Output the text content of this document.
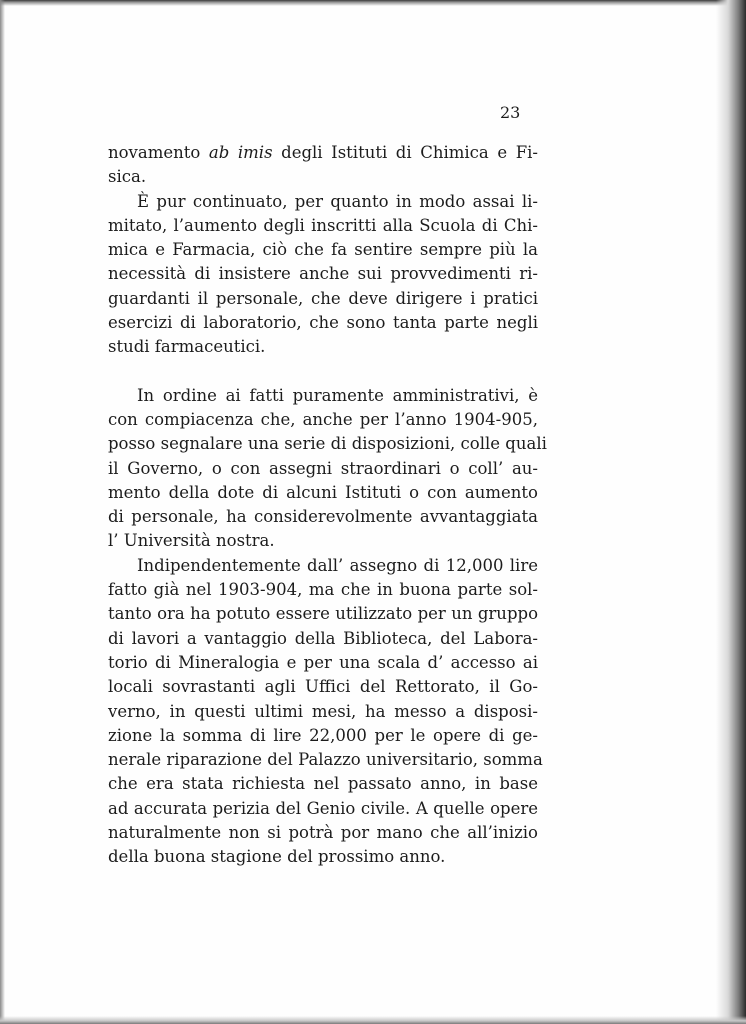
23

novamento ab imis degli Istituti di Chimica e Fi-
sica.

È pur continuato, per quanto in modo assai li-
mitato, l’aumento degli inscritti alla Scuola di Chi-
mica e Farmacia, ciò che fa sentire sempre più la
necessità di insistere anche sui provvedimenti ri-
guardanti il personale, che deve dirigere i pratici
esercizi di laboratorio, che sono tanta parte negli
studi farmaceutici.

In ordine ai fatti puramente amministrativi, è
con compiacenza che, anche per l’anno 1904-905,
posso segnalare una serie di disposizioni, colle quali
il Governo, o con assegni straordinari o coll’ au-
mento della dote di alcuni Istituti o con aumento
di personale, ha considerevolmente avvantaggiata
l’ Università nostra.

Indipendentemente dall’ assegno di 12,000 lire
fatto già nel 1903-904, ma che in buona parte sol-
tanto ora ha potuto essere utilizzato per un gruppo
di lavori a vantaggio della Biblioteca, del Labora-
torio di Mineralogia e per una scala d’ accesso ai
locali sovrastanti agli Uffici del Rettorato, il Go-
verno, in questi ultimi mesi, ha messo a disposi-
zione la somma di lire 22,000 per le opere di ge-
nerale riparazione del Palazzo universitario, somma
che era stata richiesta nel passato anno, in base
ad accurata perizia del Genio civile. A quelle opere
naturalmente non si potrà por mano che all’inizio
della buona stagione del prossimo anno.
